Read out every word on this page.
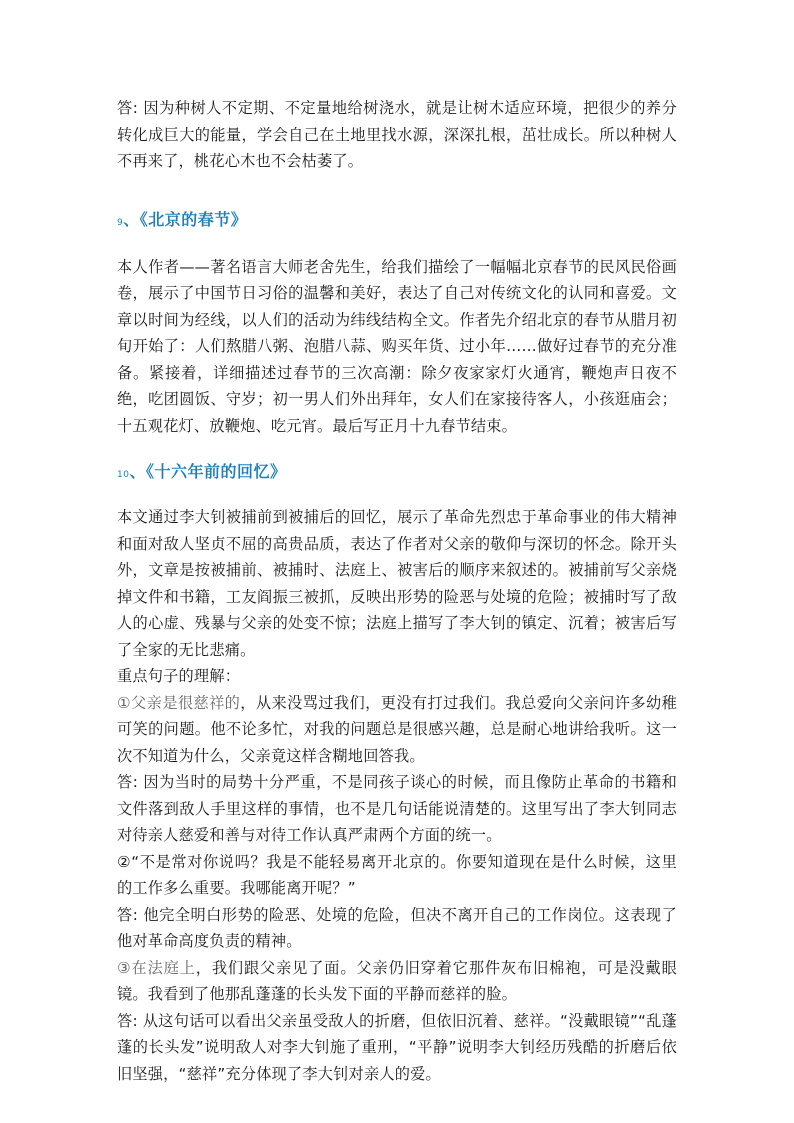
答: 因为种树人不定期、不定量地给树浇水，就是让树木适应环境，把很少的养分转化成巨大的能量，学会自己在土地里找水源，深深扎根，茁壮成长。所以种树人不再来了，桃花心木也不会枯萎了。

9、《北京的春节》

本人作者——著名语言大师老舍先生，给我们描绘了一幅幅北京春节的民风民俗画卷，展示了中国节日习俗的温馨和美好，表达了自己对传统文化的认同和喜爱。文章以时间为经线，以人们的活动为纬线结构全文。作者先介绍北京的春节从腊月初旬开始了：人们熬腊八粥、泡腊八蒜、购买年货、过小年……做好过春节的充分准备。紧接着，详细描述过春节的三次高潮：除夕夜家家灯火通宵，鞭炮声日夜不绝，吃团圆饭、守岁；初一男人们外出拜年，女人们在家接待客人，小孩逛庙会；十五观花灯、放鞭炮、吃元宵。最后写正月十九春节结束。

10、《十六年前的回忆》

本文通过李大钊被捕前到被捕后的回忆，展示了革命先烈忠于革命事业的伟大精神和面对敌人坚贞不屈的高贵品质，表达了作者对父亲的敬仰与深切的怀念。除开头外，文章是按被捕前、被捕时、法庭上、被害后的顺序来叙述的。被捕前写父亲烧掉文件和书籍，工友阎振三被抓，反映出形势的险恶与处境的危险；被捕时写了敌人的心虚、残暴与父亲的处变不惊；法庭上描写了李大钊的镇定、沉着；被害后写了全家的无比悲痛。

重点句子的理解：

①父亲是很慈祥的，从来没骂过我们，更没有打过我们。我总爱向父亲问许多幼稚可笑的问题。他不论多忙，对我的问题总是很感兴趣，总是耐心地讲给我听。这一次不知道为什么，父亲竟这样含糊地回答我。

答: 因为当时的局势十分严重，不是同孩子谈心的时候，而且像防止革命的书籍和文件落到敌人手里这样的事情，也不是几句话能说清楚的。这里写出了李大钊同志对待亲人慈爱和善与对待工作认真严肃两个方面的统一。

②“不是常对你说吗？我是不能轻易离开北京的。你要知道现在是什么时候，这里的工作多么重要。我哪能离开呢？”

答: 他完全明白形势的险恶、处境的危险，但决不离开自己的工作岗位。这表现了他对革命高度负责的精神。

③在法庭上，我们跟父亲见了面。父亲仍旧穿着它那件灰布旧棉袍，可是没戴眼镜。我看到了他那乱蓬蓬的长头发下面的平静而慈祥的脸。

答: 从这句话可以看出父亲虽受敌人的折磨，但依旧沉着、慈祥。“没戴眼镜”“乱蓬蓬的长头发”说明敌人对李大钊施了重刑，“平静”说明李大钊经历残酷的折磨后依旧坚强，“慈祥”充分体现了李大钊对亲人的爱。
